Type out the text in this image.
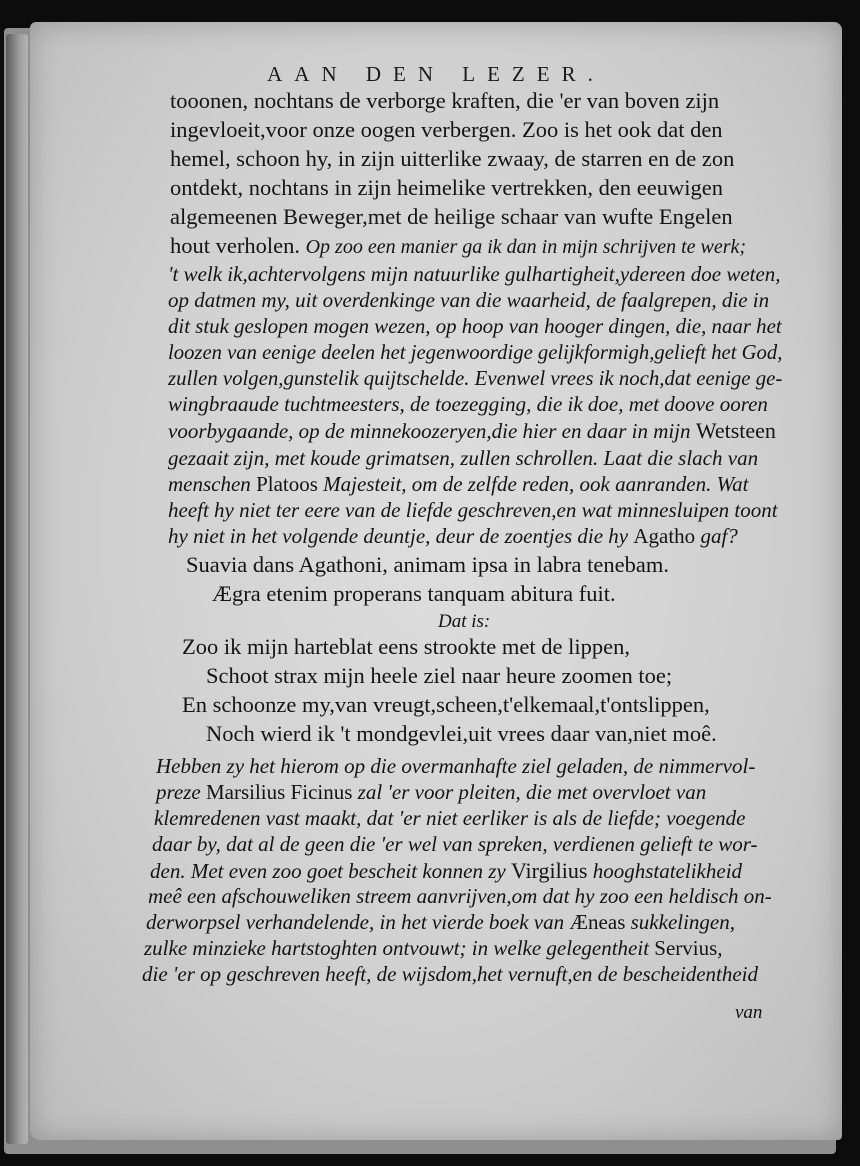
AAN DEN LEZER.
tooonen, nochtans de verborge kraften, die 'er van boven zijn
ingevloeit,voor onze oogen verbergen. Zoo is het ook dat den
hemel, schoon hy, in zijn uitterlike zwaay, de starren en de zon
ontdekt, nochtans in zijn heimelike vertrekken, den eeuwigen
algemeenen Beweger,met de heilige schaar van wufte Engelen
hout verholen. Op zoo een manier ga ik dan in mijn schrijven te werk;
't welk ik,achtervolgens mijn natuurlike gulhartigheit,ydereen doe weten,
op datmen my, uit overdenkinge van die waarheid, de faalgrepen, die in
dit stuk geslopen mogen wezen, op hoop van hooger dingen, die, naar het
loozen van eenige deelen het jegenwoordige gelijkformigh,gelieft het God,
zullen volgen,gunstelik quijtschelde. Evenwel vrees ik noch,dat eenige ge-
wingbraaude tuchtmeesters, de toezegging, die ik doe, met doove ooren
voorbygaande, op de minnekoozeryen,die hier en daar in mijn Wetsteen
gezaait zijn, met koude grimatsen, zullen schrollen. Laat die slach van
menschen Platoos Majesteit, om de zelfde reden, ook aanranden. Wat
heeft hy niet ter eere van de liefde geschreven,en wat minnesluipen toont
hy niet in het volgende deuntje, deur de zoentjes die hy Agatho gaf?
Suavia dans Agathoni, animam ipsa in labra tenebam.
Ægra etenim properans tanquam abitura fuit.
Dat is:
Zoo ik mijn harteblat eens strookte met de lippen,
Schoot strax mijn heele ziel naar heure zoomen toe;
En schoonze my,van vreugt,scheen,t'elkemaal,t'ontslippen,
Noch wierd ik 't mondgevlei,uit vrees daar van,niet moê.
Hebben zy het hierom op die overmanhafte ziel geladen, de nimmervol-
preze Marsilius Ficinus zal 'er voor pleiten, die met overvloet van
klemredenen vast maakt, dat 'er niet eerliker is als de liefde; voegende
daar by, dat al de geen die 'er wel van spreken, verdienen gelieft te wor-
den. Met even zoo goet bescheit konnen zy Virgilius hooghstatelikheid
meê een afschouweliken streem aanvrijven,om dat hy zoo een heldisch on-
derworpsel verhandelende, in het vierde boek van Æneas sukkelingen,
zulke minzieke hartstoghten ontvouwt; in welke gelegentheit Servius,
die 'er op geschreven heeft, de wijsdom,het vernuft,en de bescheidentheid
van
